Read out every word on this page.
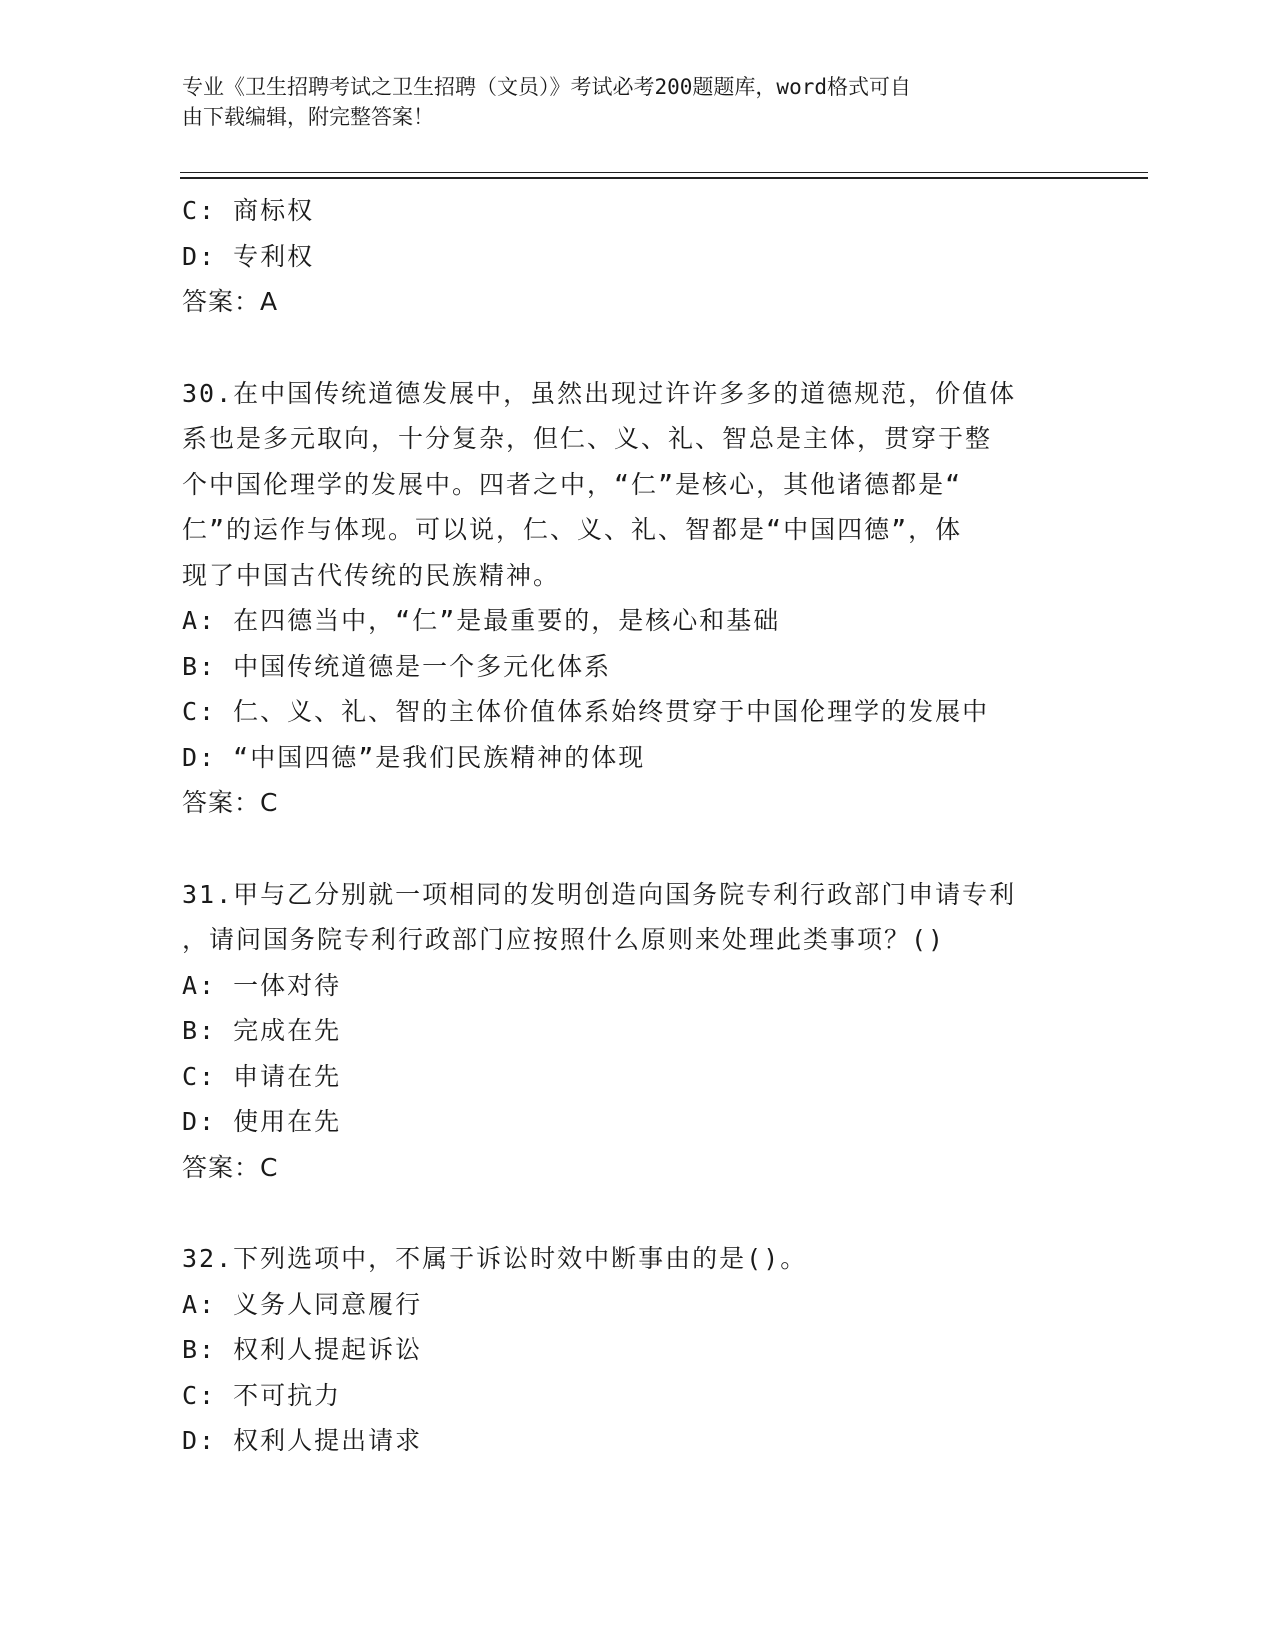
专业《卫生招聘考试之卫生招聘（文员）》考试必考200题题库，word格式可自
由下载编辑，附完整答案！
C: 商标权
D: 专利权
答案：A
30.在中国传统道德发展中，虽然出现过许许多多的道德规范，价值体
系也是多元取向，十分复杂，但仁、义、礼、智总是主体，贯穿于整
个中国伦理学的发展中。四者之中，“仁”是核心，其他诸德都是“
仁”的运作与体现。可以说，仁、义、礼、智都是“中国四德”，体
现了中国古代传统的民族精神。
A: 在四德当中，“仁”是最重要的，是核心和基础
B: 中国传统道德是一个多元化体系
C: 仁、义、礼、智的主体价值体系始终贯穿于中国伦理学的发展中
D: “中国四德”是我们民族精神的体现
答案：C
31.甲与乙分别就一项相同的发明创造向国务院专利行政部门申请专利
，请问国务院专利行政部门应按照什么原则来处理此类事项？()
A: 一体对待
B: 完成在先
C: 申请在先
D: 使用在先
答案：C
32.下列选项中，不属于诉讼时效中断事由的是()。
A: 义务人同意履行
B: 权利人提起诉讼
C: 不可抗力
D: 权利人提出请求
